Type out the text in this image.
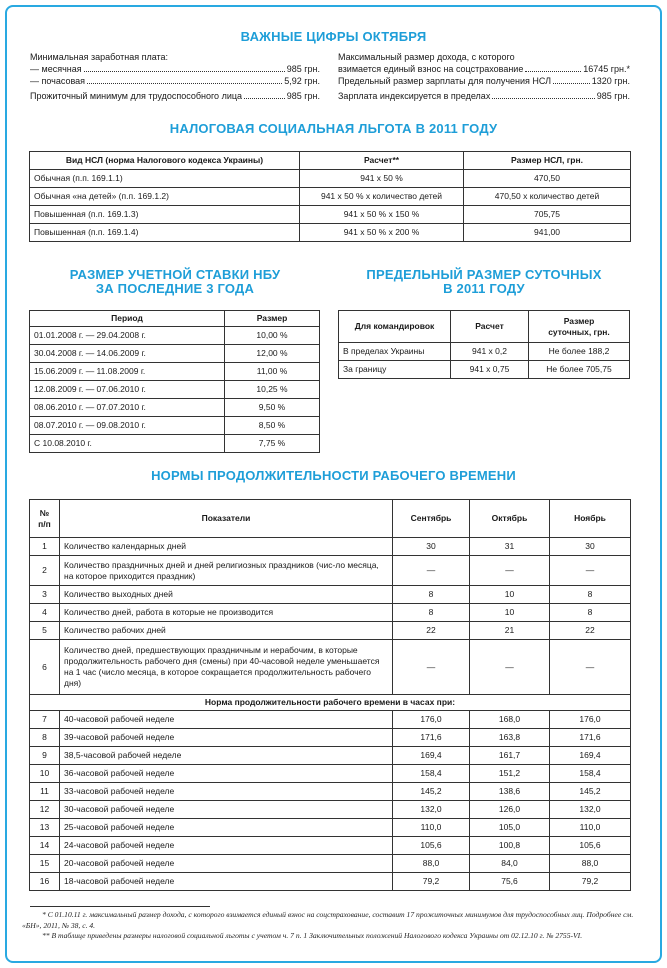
ВАЖНЫЕ ЦИФРЫ ОКТЯБРЯ
Минимальная заработная плата:
— месячная	985 грн.
— почасовая	5,92 грн.
Прожиточный минимум для трудоспособного лица	985 грн.
Максимальный размер дохода, с которого
взимается единый взнос на соцстрахование	16745 грн.*
Предельный размер зарплаты для получения НСЛ	1320 грн.
Зарплата индексируется в пределах	985 грн.
НАЛОГОВАЯ СОЦИАЛЬНАЯ ЛЬГОТА В 2011 ГОДУ
Вид НСЛ (норма Налогового кодекса Украины)	Расчет**	Размер НСЛ, грн.
Обычная (п.п. 169.1.1)	941 х 50 %	470,50
Обычная «на детей» (п.п. 169.1.2)	941 х 50 % х количество детей	470,50 х количество детей
Повышенная (п.п. 169.1.3)	941 х 50 % х 150 %	705,75
Повышенная (п.п. 169.1.4)	941 х 50 % х 200 %	941,00
РАЗМЕР УЧЕТНОЙ СТАВКИ НБУ
ЗА ПОСЛЕДНИЕ 3 ГОДА
Период	Размер
01.01.2008 г. — 29.04.2008 г.	10,00 %
30.04.2008 г. — 14.06.2009 г.	12,00 %
15.06.2009 г. — 11.08.2009 г.	11,00 %
12.08.2009 г. — 07.06.2010 г.	10,25 %
08.06.2010 г. — 07.07.2010 г.	9,50 %
08.07.2010 г. — 09.08.2010 г.	8,50 %
С 10.08.2010 г.	7,75 %
ПРЕДЕЛЬНЫЙ РАЗМЕР СУТОЧНЫХ
В 2011 ГОДУ
Для командировок	Расчет	Размер
суточных, грн.

В пределах Украины	941 х 0,2	Не более 188,2
За границу	941 х 0,75	Не более 705,75
НОРМЫ ПРОДОЛЖИТЕЛЬНОСТИ РАБОЧЕГО ВРЕМЕНИ
№
п/п	Показатели	Сентябрь	Октябрь	Ноябрь
1	Количество календарных дней	30	31	30
2	Количество праздничных дней и дней религиозных праздников (чис-ло месяца, на которое приходится праздник)	—	—	—
3	Количество выходных дней	8	10	8
4	Количество дней, работа в которые не производится	8	10	8
5	Количество рабочих дней	22	21	22
6	Количество дней, предшествующих праздничным и нерабочим, в которые продолжительность рабочего дня (смены) при 40-часовой неделе уменьшается на 1 час (число месяца, в которое сокращается продолжительность рабочего дня)	—	—	—
Норма продолжительности рабочего времени в часах при:				
7	40-часовой рабочей неделе	176,0	168,0	176,0
8	39-часовой рабочей неделе	171,6	163,8	171,6
9	38,5-часовой рабочей неделе	169,4	161,7	169,4
10	36-часовой рабочей неделе	158,4	151,2	158,4
11	33-часовой рабочей неделе	145,2	138,6	145,2
12	30-часовой рабочей неделе	132,0	126,0	132,0
13	25-часовой рабочей неделе	110,0	105,0	110,0
14	24-часовой рабочей неделе	105,6	100,8	105,6
15	20-часовой рабочей неделе	88,0	84,0	88,0
16	18-часовой рабочей неделе	79,2	75,6	79,2
* С 01.10.11 г. максимальный размер дохода, с которого взимается единый взнос на соцстрахование, составит 17 прожиточных минимумов для трудоспособных лиц. Подробнее см. «БН», 2011, № 38, с. 4.
** В таблице приведены размеры налоговой социальной льготы с учетом ч. 7 п. 1 Заключительных положений Налогового кодекса Украины от 02.12.10 г. № 2755-VI.
